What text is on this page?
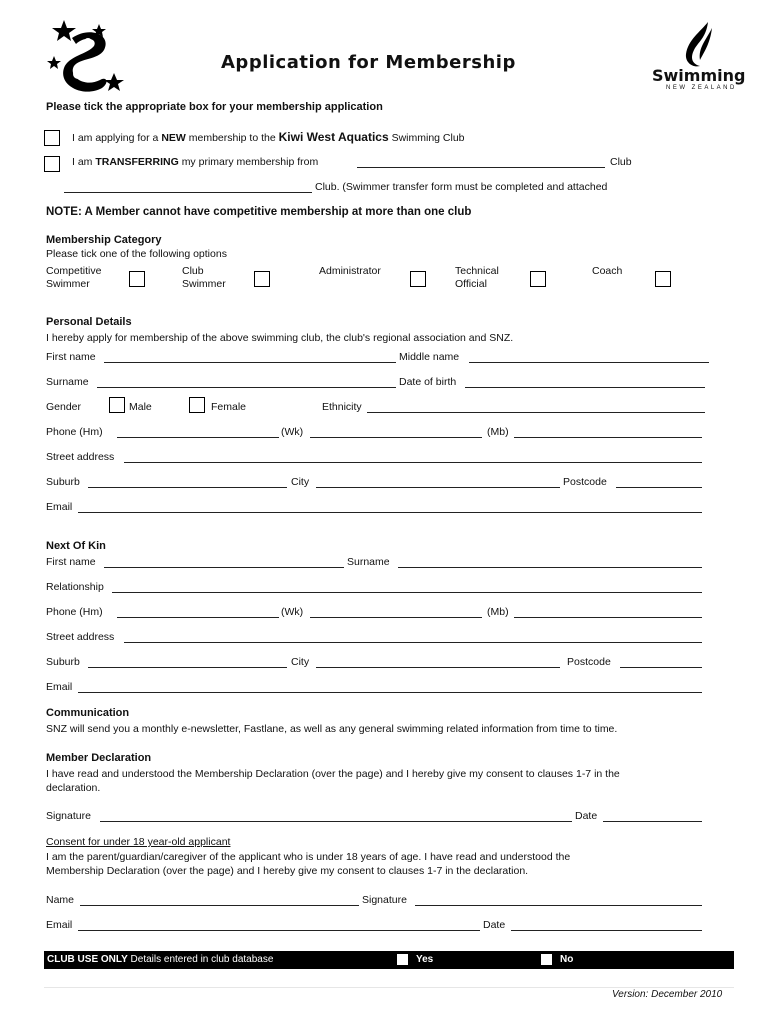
Application for Membership
Swimming
NEW ZEALAND
Please tick the appropriate box for your membership application
I am applying for a NEW membership to the Kiwi West Aquatics Swimming Club
I am TRANSFERRING my primary membership from	Club
Club. (Swimmer transfer form must be completed and attached
NOTE: A Member cannot have competitive membership at more than one club
Membership Category
Please tick one of the following options
Competitive
Swimmer
Club
Swimmer
Administrator	Technical
Official
Coach
Personal Details
I hereby apply for membership of the above swimming club, the club's regional association and SNZ.
First name	Middle name
Surname	Date of birth
Gender	Male	Female	Ethnicity
Phone (Hm)	(Wk)	(Mb)
Street address
Suburb	City	Postcode
Email
Next Of Kin
First name	Surname
Relationship
Phone (Hm)	(Wk)	(Mb)
Street address
Suburb	City	Postcode
Email
Communication
SNZ will send you a monthly e-newsletter, Fastlane, as well as any general swimming related information from time to time.
Member Declaration
I have read and understood the Membership Declaration (over the page) and I hereby give my consent to clauses 1-7 in the
declaration.
Signature	Date
Consent for under 18 year-old applicant
I am the parent/guardian/caregiver of the applicant who is under 18 years of age. I have read and understood the
Membership Declaration (over the page) and I hereby give my consent to clauses 1-7 in the declaration.
Name	Signature
Email	Date
CLUB USE ONLY Details entered in club database	Yes	No
Version: December 2010
